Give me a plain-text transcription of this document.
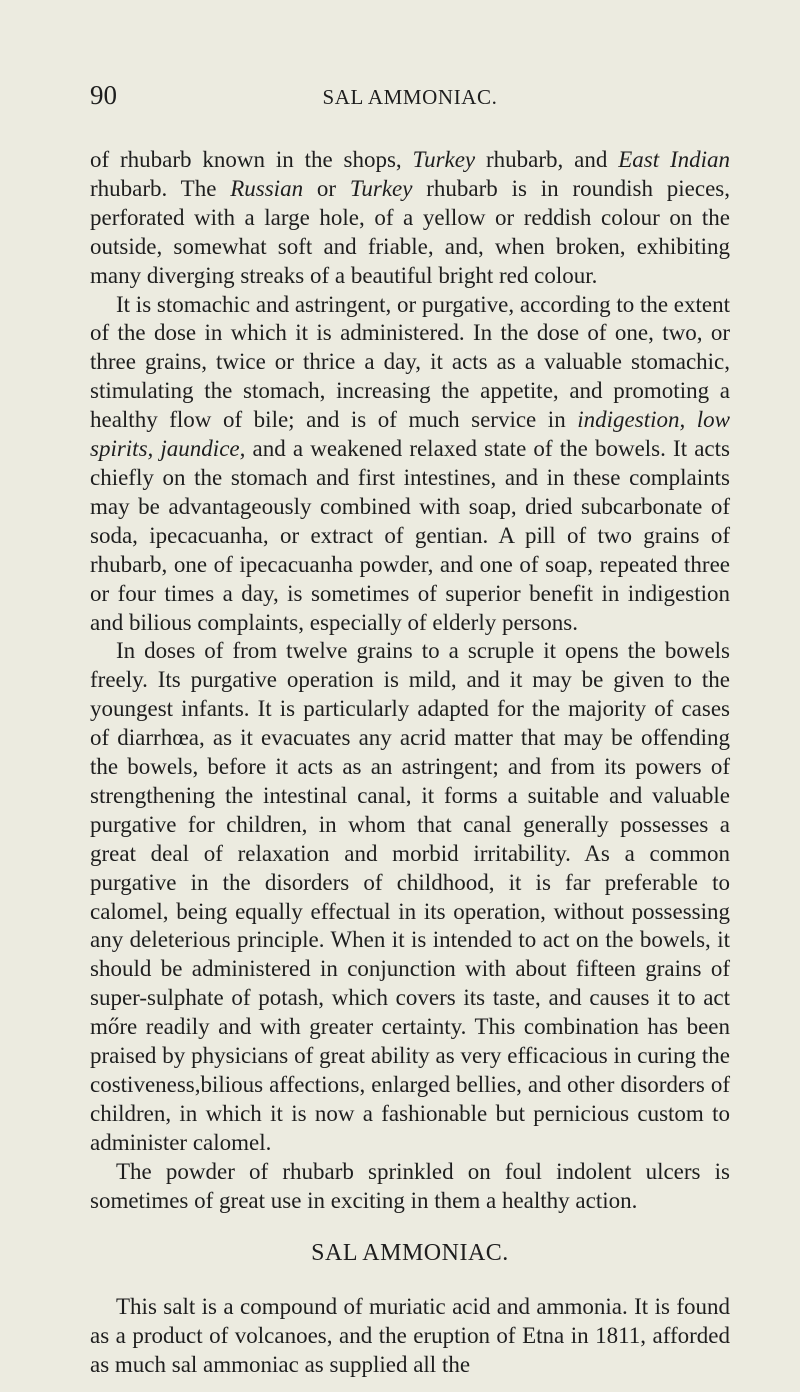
90	SAL AMMONIAC.

of rhubarb known in the shops, Turkey rhubarb, and East Indian rhubarb. The Russian or Turkey rhubarb is in roundish pieces, perforated with a large hole, of a yellow or reddish colour on the outside, somewhat soft and friable, and, when broken, exhibiting many diverging streaks of a beautiful bright red colour.

It is stomachic and astringent, or purgative, according to the extent of the dose in which it is administered. In the dose of one, two, or three grains, twice or thrice a day, it acts as a valuable stomachic, stimulating the stomach, increasing the appetite, and promoting a healthy flow of bile; and is of much service in indigestion, low spirits, jaundice, and a weakened relaxed state of the bowels. It acts chiefly on the stomach and first intestines, and in these complaints may be advantageously combined with soap, dried subcarbonate of soda, ipecacuanha, or extract of gentian. A pill of two grains of rhubarb, one of ipecacuanha powder, and one of soap, repeated three or four times a day, is sometimes of superior benefit in indigestion and bilious complaints, especially of elderly persons.

In doses of from twelve grains to a scruple it opens the bowels freely. Its purgative operation is mild, and it may be given to the youngest infants. It is particularly adapted for the majority of cases of diarrhœa, as it evacuates any acrid matter that may be offending the bowels, before it acts as an astringent; and from its powers of strengthening the intestinal canal, it forms a suitable and valuable purgative for children, in whom that canal generally possesses a great deal of relaxation and morbid irritability. As a common purgative in the disorders of childhood, it is far preferable to calomel, being equally effectual in its operation, without possessing any deleterious principle. When it is intended to act on the bowels, it should be administered in conjunction with about fifteen grains of super-sulphate of potash, which covers its taste, and causes it to act mőre readily and with greater certainty. This combination has been praised by physicians of great ability as very efficacious in curing the costiveness,bilious affections, enlarged bellies, and other disorders of children, in which it is now a fashionable but pernicious custom to administer calomel.

The powder of rhubarb sprinkled on foul indolent ulcers is sometimes of great use in exciting in them a healthy action.

SAL AMMONIAC.

This salt is a compound of muriatic acid and ammonia. It is found as a product of volcanoes, and the eruption of Etna in 1811, afforded as much sal ammoniac as supplied all the
